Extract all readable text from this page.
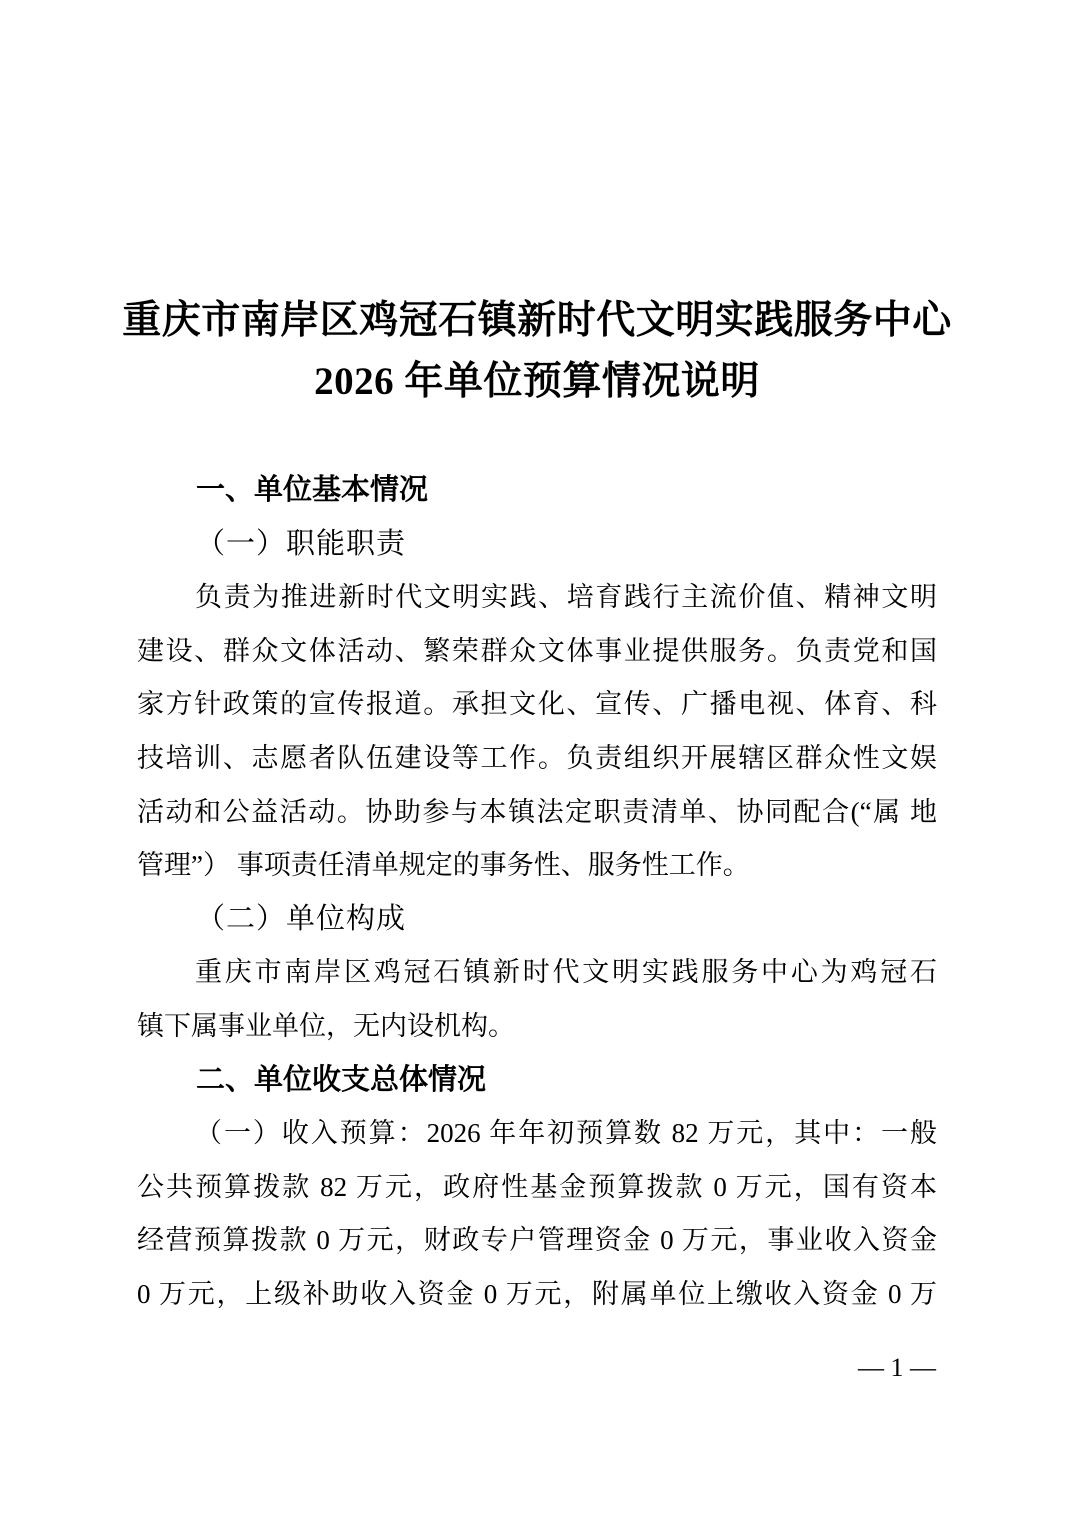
重庆市南岸区鸡冠石镇新时代文明实践服务中心
2026 年单位预算情况说明
一、单位基本情况
（一）职能职责
负责为推进新时代文明实践、培育践行主流价值、精神文明
建设、群众文体活动、繁荣群众文体事业提供服务。负责党和国
家方针政策的宣传报道。承担文化、宣传、广播电视、体育、科
技培训、志愿者队伍建设等工作。负责组织开展辖区群众性文娱
活动和公益活动。协助参与本镇法定职责清单、协同配合(“属 地
管理”） 事项责任清单规定的事务性、服务性工作。
（二）单位构成
重庆市南岸区鸡冠石镇新时代文明实践服务中心为鸡冠石
镇下属事业单位，无内设机构。
二、单位收支总体情况
（一）收入预算：2026 年年初预算数 82 万元，其中：一般
公共预算拨款 82 万元，政府性基金预算拨款 0 万元，国有资本
经营预算拨款 0 万元，财政专户管理资金 0 万元，事业收入资金
0 万元，上级补助收入资金 0 万元，附属单位上缴收入资金 0 万
— 1 —
